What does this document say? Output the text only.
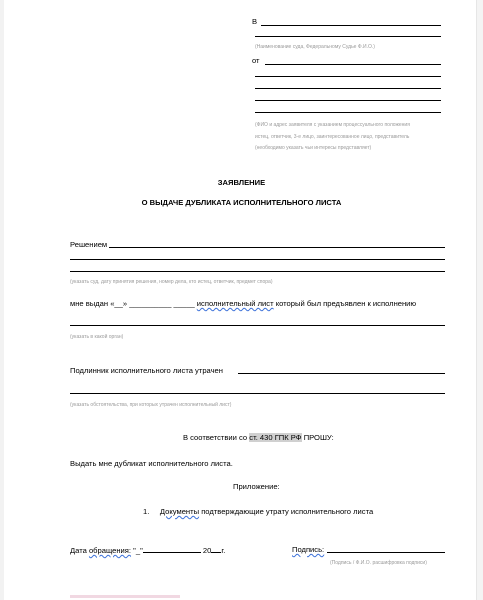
В
(Наименование суда, Федеральному Судье Ф.И.О.)
от
(ФИО и адрес заявителя с указанием процессуального положения
истец, ответчик, 3-е лицо, заинтересованное лицо, представитель
(необходимо указать чьи интересы представляет)
ЗАЯВЛЕНИЕ
О ВЫДАЧЕ ДУБЛИКАТА ИСПОЛНИТЕЛЬНОГО ЛИСТА
Решением
(указать суд, дату принятия решения, номер дела, кто истец, ответчик, предмет спора)
мне выдан «__» __________ _____ исполнительный лист который был предъявлен к исполнению
(указать в какой орган)
Подлинник исполнительного листа утрачен
(указать обстоятельства, при которых утрачен исполнительный лист)
В соответствии со ст. 430 ГПК РФ ПРОШУ:
Выдать мне дубликат исполнительного листа.
Приложение:
1. Документы подтверждающие утрату исполнительного листа
Дата обращения: "_"	20 г.	Подпись:
(Подпись / Ф.И.О. расшифровка подписи)
